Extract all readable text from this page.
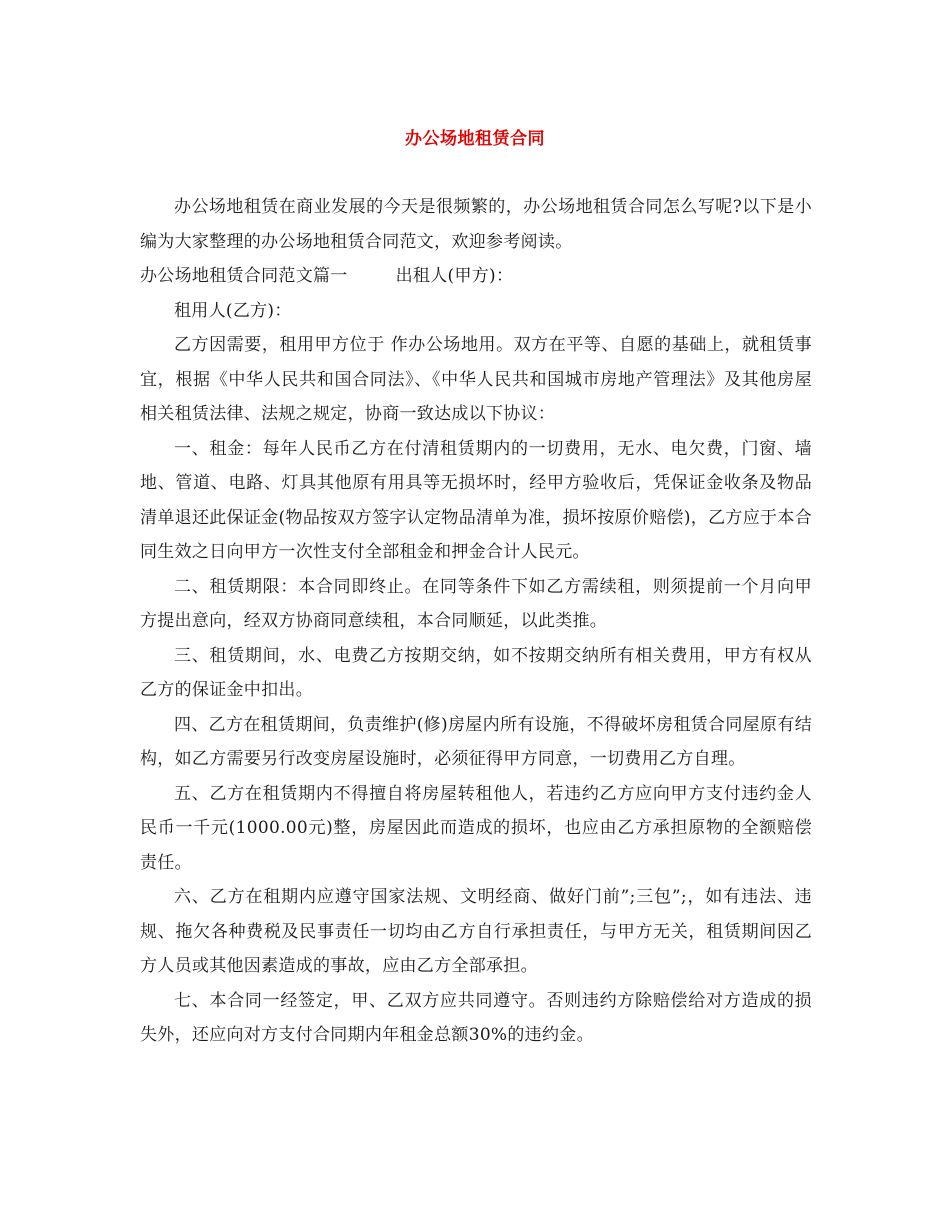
办公场地租赁合同

办公场地租赁在商业发展的今天是很频繁的，办公场地租赁合同怎么写呢?以下是小编为大家整理的办公场地租赁合同范文，欢迎参考阅读。

办公场地租赁合同范文篇一	出租人(甲方)：

租用人(乙方)：

乙方因需要，租用甲方位于 作办公场地用。双方在平等、自愿的基础上，就租赁事宜，根据《中华人民共和国合同法》、《中华人民共和国城市房地产管理法》及其他房屋相关租赁法律、法规之规定，协商一致达成以下协议：

一、租金：每年人民币乙方在付清租赁期内的一切费用，无水、电欠费，门窗、墙地、管道、电路、灯具其他原有用具等无损坏时，经甲方验收后，凭保证金收条及物品清单退还此保证金(物品按双方签字认定物品清单为准，损坏按原价赔偿)，乙方应于本合同生效之日向甲方一次性支付全部租金和押金合计人民元。

二、租赁期限：本合同即终止。在同等条件下如乙方需续租，则须提前一个月向甲方提出意向，经双方协商同意续租，本合同顺延，以此类推。

三、租赁期间，水、电费乙方按期交纳，如不按期交纳所有相关费用，甲方有权从乙方的保证金中扣出。

四、乙方在租赁期间，负责维护(修)房屋内所有设施，不得破坏房租赁合同屋原有结构，如乙方需要另行改变房屋设施时，必须征得甲方同意，一切费用乙方自理。

五、乙方在租赁期内不得擅自将房屋转租他人，若违约乙方应向甲方支付违约金人民币一千元(1000.00元)整，房屋因此而造成的损坏，也应由乙方承担原物的全额赔偿责任。

六、乙方在租期内应遵守国家法规、文明经商、做好门前”;三包”;，如有违法、违规、拖欠各种费税及民事责任一切均由乙方自行承担责任，与甲方无关，租赁期间因乙方人员或其他因素造成的事故，应由乙方全部承担。

七、本合同一经签定，甲、乙双方应共同遵守。否则违约方除赔偿给对方造成的损失外，还应向对方支付合同期内年租金总额30%的违约金。
